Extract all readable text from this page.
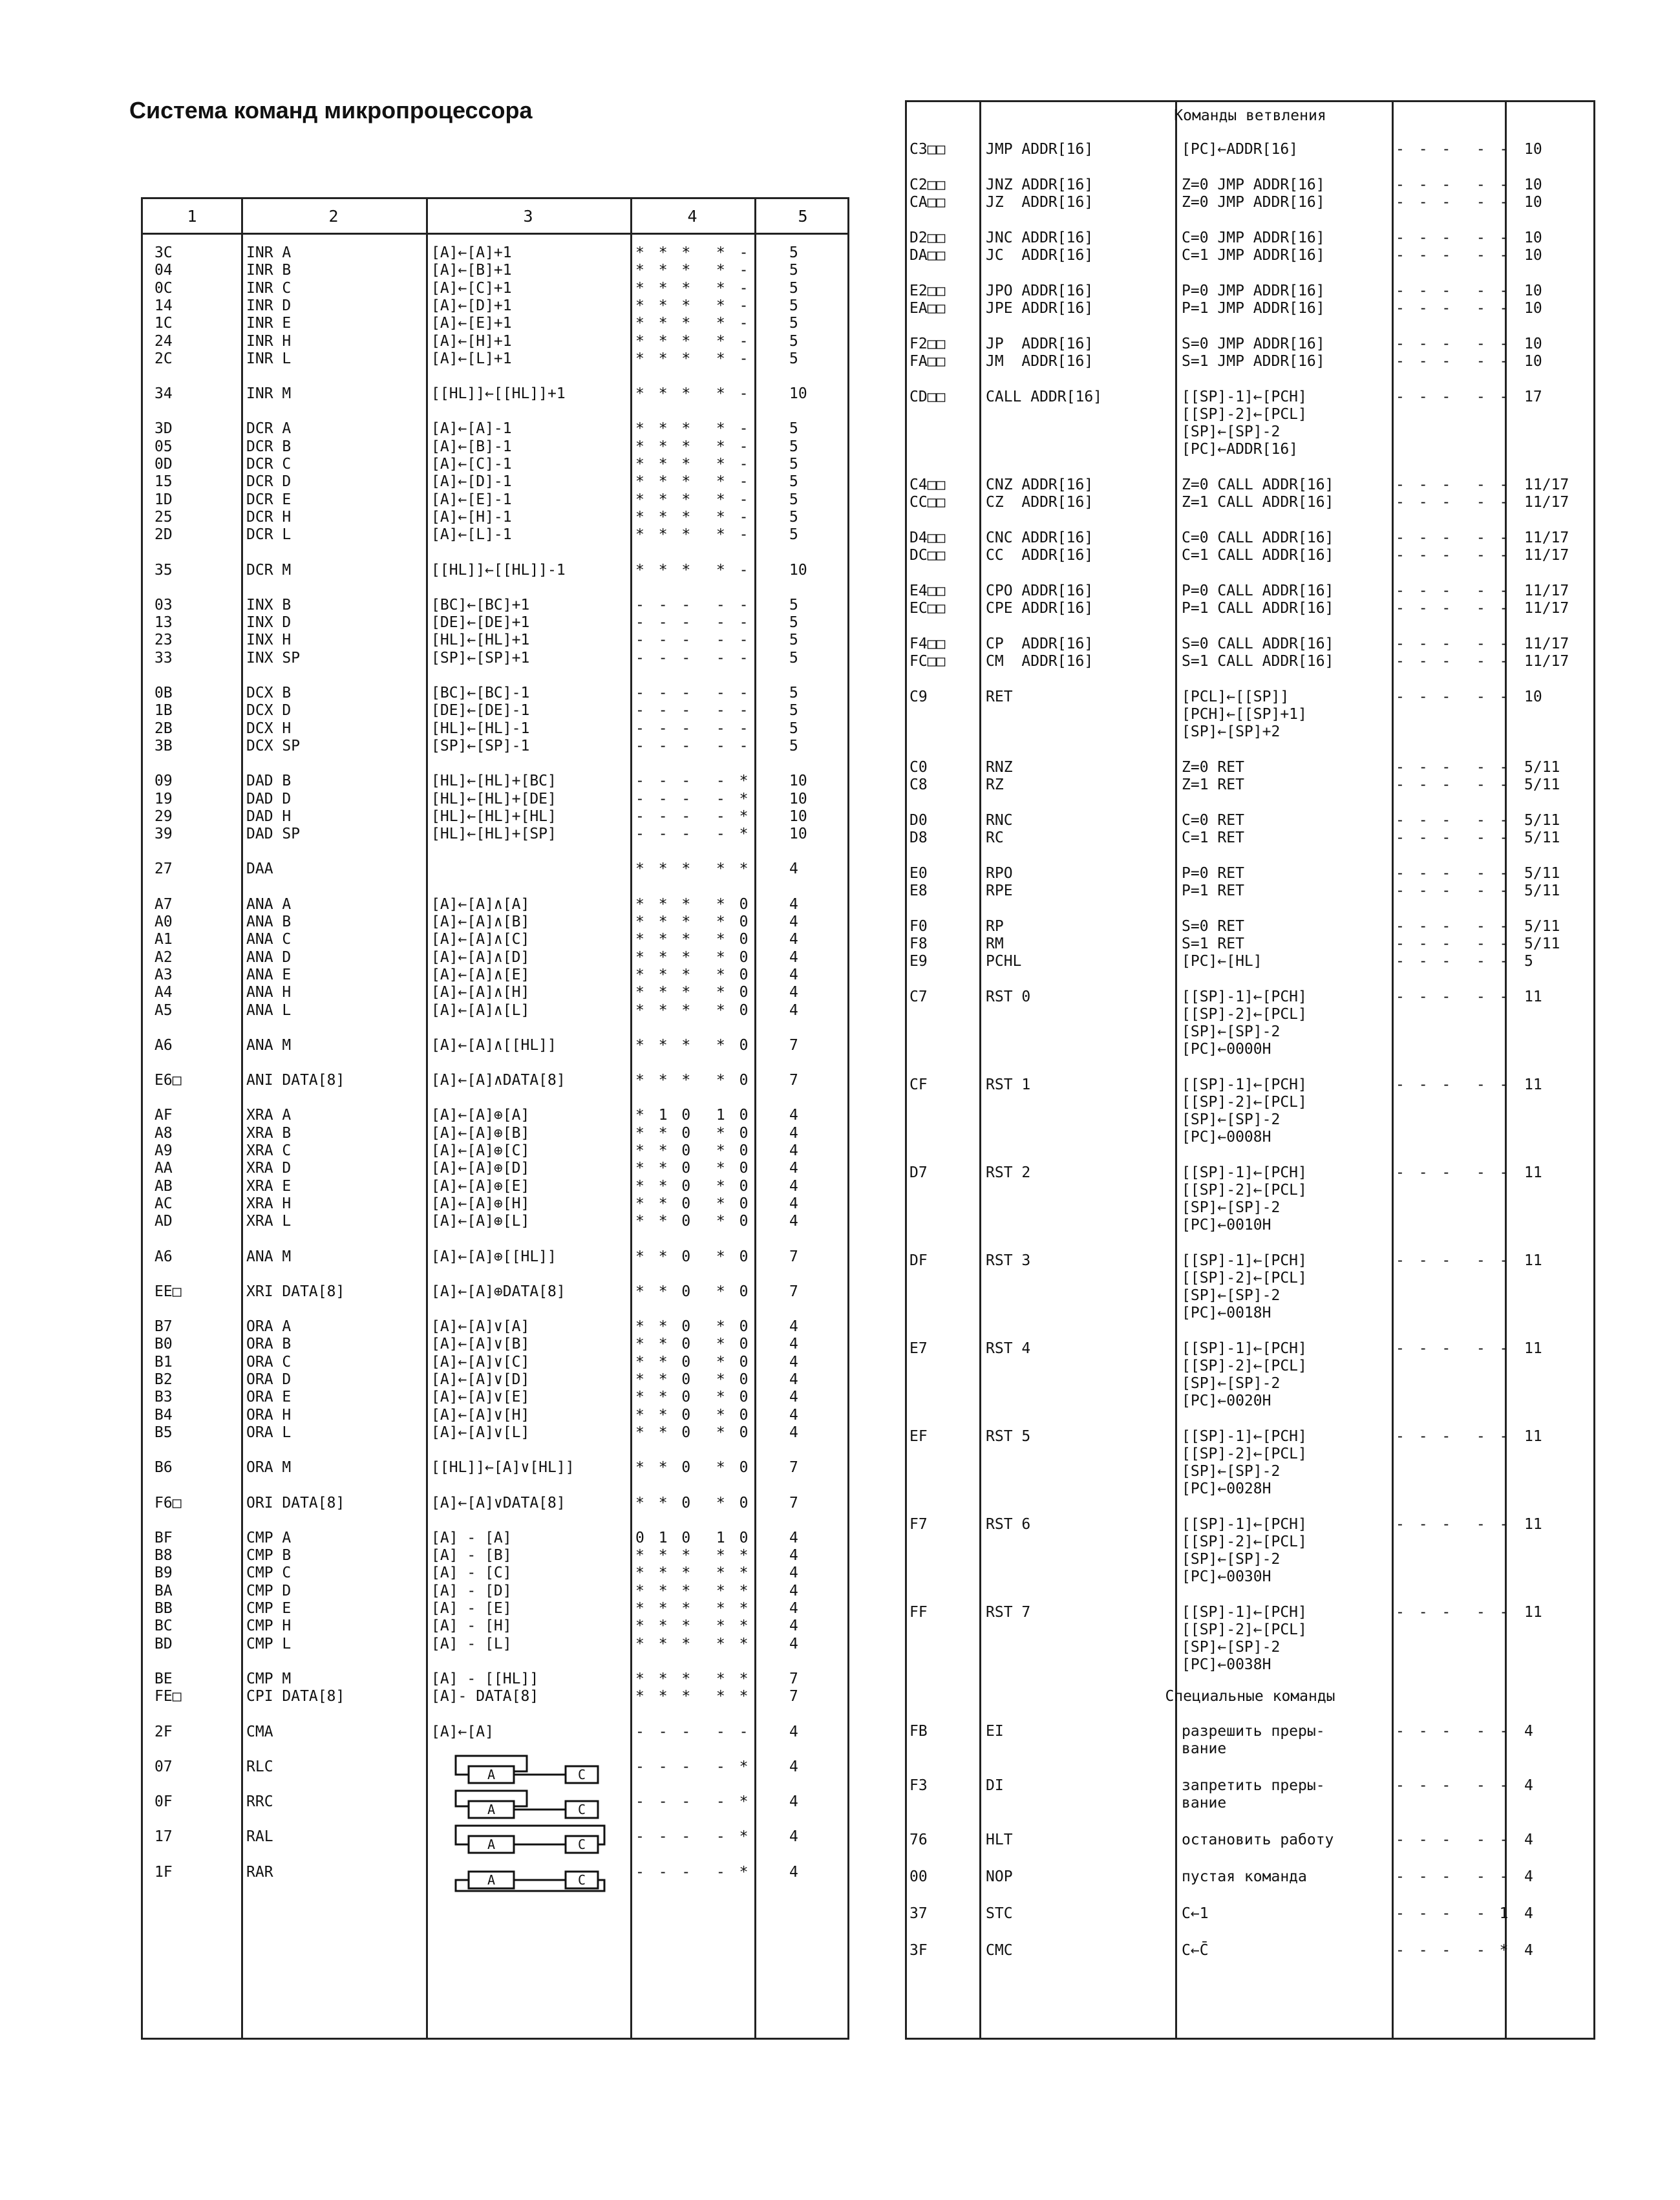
Система команд микропроцессора
1	2	3	4	5
3C	INR A	[A]←[A]+1	* * *  * -	5
04	INR B	[A]←[B]+1	* * *  * -	5
0C	INR C	[A]←[C]+1	* * *  * -	5
14	INR D	[A]←[D]+1	* * *  * -	5
1C	INR E	[A]←[E]+1	* * *  * -	5
24	INR H	[A]←[H]+1	* * *  * -	5
2C	INR L	[A]←[L]+1	* * *  * -	5
34	INR M	[[HL]]←[[HL]]+1	* * *  * -	10
3D	DCR A	[A]←[A]-1	* * *  * -	5
05	DCR B	[A]←[B]-1	* * *  * -	5
0D	DCR C	[A]←[C]-1	* * *  * -	5
15	DCR D	[A]←[D]-1	* * *  * -	5
1D	DCR E	[A]←[E]-1	* * *  * -	5
25	DCR H	[A]←[H]-1	* * *  * -	5
2D	DCR L	[A]←[L]-1	* * *  * -	5
35	DCR M	[[HL]]←[[HL]]-1	* * *  * -	10
03	INX B	[BC]←[BC]+1	- - -  - -	5
13	INX D	[DE]←[DE]+1	- - -  - -	5
23	INX H	[HL]←[HL]+1	- - -  - -	5
33	INX SP	[SP]←[SP]+1	- - -  - -	5
0B	DCX B	[BC]←[BC]-1	- - -  - -	5
1B	DCX D	[DE]←[DE]-1	- - -  - -	5
2B	DCX H	[HL]←[HL]-1	- - -  - -	5
3B	DCX SP	[SP]←[SP]-1	- - -  - -	5
09	DAD B	[HL]←[HL]+[BC]	- - -  - *	10
19	DAD D	[HL]←[HL]+[DE]	- - -  - *	10
29	DAD H	[HL]←[HL]+[HL]	- - -  - *	10
39	DAD SP	[HL]←[HL]+[SP]	- - -  - *	10
27	DAA	* * *  * *	4
A7	ANA A	[A]←[A]∧[A]	* * *  * 0	4
A0	ANA B	[A]←[A]∧[B]	* * *  * 0	4
A1	ANA C	[A]←[A]∧[C]	* * *  * 0	4
A2	ANA D	[A]←[A]∧[D]	* * *  * 0	4
A3	ANA E	[A]←[A]∧[E]	* * *  * 0	4
A4	ANA H	[A]←[A]∧[H]	* * *  * 0	4
A5	ANA L	[A]←[A]∧[L]	* * *  * 0	4
A6	ANA M	[A]←[A]∧[[HL]]	* * *  * 0	7
E6□	ANI DATA[8]	[A]←[A]∧DATA[8]	* * *  * 0	7
AF	XRA A	[A]←[A]⊕[A]	* 1 0  1 0	4
A8	XRA B	[A]←[A]⊕[B]	* * 0  * 0	4
A9	XRA C	[A]←[A]⊕[C]	* * 0  * 0	4
AA	XRA D	[A]←[A]⊕[D]	* * 0  * 0	4
AB	XRA E	[A]←[A]⊕[E]	* * 0  * 0	4
AC	XRA H	[A]←[A]⊕[H]	* * 0  * 0	4
AD	XRA L	[A]←[A]⊕[L]	* * 0  * 0	4
A6	ANA M	[A]←[A]⊕[[HL]]	* * 0  * 0	7
EE□	XRI DATA[8]	[A]←[A]⊕DATA[8]	* * 0  * 0	7
B7	ORA A	[A]←[A]∨[A]	* * 0  * 0	4
B0	ORA B	[A]←[A]∨[B]	* * 0  * 0	4
B1	ORA C	[A]←[A]∨[C]	* * 0  * 0	4
B2	ORA D	[A]←[A]∨[D]	* * 0  * 0	4
B3	ORA E	[A]←[A]∨[E]	* * 0  * 0	4
B4	ORA H	[A]←[A]∨[H]	* * 0  * 0	4
B5	ORA L	[A]←[A]∨[L]	* * 0  * 0	4
B6	ORA M	[[HL]]←[A]∨[HL]]	* * 0  * 0	7
F6□	ORI DATA[8]	[A]←[A]∨DATA[8]	* * 0  * 0	7
BF	CMP A	[A] - [A]	0 1 0  1 0	4
B8	CMP B	[A] - [B]	* * *  * *	4
B9	CMP C	[A] - [C]	* * *  * *	4
BA	CMP D	[A] - [D]	* * *  * *	4
BB	CMP E	[A] - [E]	* * *  * *	4
BC	CMP H	[A] - [H]	* * *  * *	4
BD	CMP L	[A] - [L]	* * *  * *	4
BE	CMP M	[A] - [[HL]]	* * *  * *	7
FE□	CPI DATA[8]	[A]- DATA[8]	* * *  * *	7
2F	CMA	[A]←[A]	- - -  - -	4
07	RLC	- - -  - *	4
A	C
0F	RRC	- - -  - *	4
A	C
17	RAL	- - -  - *	4
A	C
1F	RAR	- - -  - *	4
A	C
Команды ветвления
C3□□	JMP ADDR[16]	[PC]←ADDR[16]	- - -  - - 10
C2□□	JNZ ADDR[16]	Z=0 JMP ADDR[16]	- - -  - - 10
CA□□	JZ  ADDR[16]	Z=0 JMP ADDR[16]	- - -  - - 10
D2□□	JNC ADDR[16]	C=0 JMP ADDR[16]	- - -  - - 10
DA□□	JC  ADDR[16]	C=1 JMP ADDR[16]	- - -  - - 10
E2□□	JPO ADDR[16]	P=0 JMP ADDR[16]	- - -  - - 10
EA□□	JPE ADDR[16]	P=1 JMP ADDR[16]	- - -  - - 10
F2□□	JP  ADDR[16]	S=0 JMP ADDR[16]	- - -  - - 10
FA□□	JM  ADDR[16]	S=1 JMP ADDR[16]	- - -  - - 10
CD□□	CALL ADDR[16]	[[SP]-1]←[PCH]
[[SP]-2]←[PCL]
[SP]←[SP]-2
[PC]←ADDR[16]
- - -  - - 17
C4□□	CNZ ADDR[16]	Z=0 CALL ADDR[16]	- - -  - - 11/17
CC□□	CZ  ADDR[16]	Z=1 CALL ADDR[16]	- - -  - - 11/17
D4□□	CNC ADDR[16]	C=0 CALL ADDR[16]	- - -  - - 11/17
DC□□	CC  ADDR[16]	C=1 CALL ADDR[16]	- - -  - - 11/17
E4□□	CPO ADDR[16]	P=0 CALL ADDR[16]	- - -  - - 11/17
EC□□	CPE ADDR[16]	P=1 CALL ADDR[16]	- - -  - - 11/17
F4□□	CP  ADDR[16]	S=0 CALL ADDR[16]	- - -  - - 11/17
FC□□	CM  ADDR[16]	S=1 CALL ADDR[16]	- - -  - - 11/17
C9	RET	[PCL]←[[SP]]
[PCH]←[[SP]+1]
[SP]←[SP]+2
- - -  - - 10
C0	RNZ	Z=0 RET	- - -  - - 5/11
C8	RZ	Z=1 RET	- - -  - - 5/11
D0	RNC	C=0 RET	- - -  - - 5/11
D8	RC	C=1 RET	- - -  - - 5/11
E0	RPO	P=0 RET	- - -  - - 5/11
E8	RPE	P=1 RET	- - -  - - 5/11
F0	RP	S=0 RET	- - -  - - 5/11
F8	RM	S=1 RET	- - -  - - 5/11
E9	PCHL	[PC]←[HL]	- - -  - - 5
C7	RST 0	[[SP]-1]←[PCH]
[[SP]-2]←[PCL]
[SP]←[SP]-2
[PC]←0000H
- - -  - - 11
CF	RST 1	[[SP]-1]←[PCH]
[[SP]-2]←[PCL]
[SP]←[SP]-2
[PC]←0008H
- - -  - - 11
D7	RST 2	[[SP]-1]←[PCH]
[[SP]-2]←[PCL]
[SP]←[SP]-2
[PC]←0010H
- - -  - - 11
DF	RST 3	[[SP]-1]←[PCH]
[[SP]-2]←[PCL]
[SP]←[SP]-2
[PC]←0018H
- - -  - - 11
E7	RST 4	[[SP]-1]←[PCH]
[[SP]-2]←[PCL]
[SP]←[SP]-2
[PC]←0020H
- - -  - - 11
EF	RST 5	[[SP]-1]←[PCH]
[[SP]-2]←[PCL]
[SP]←[SP]-2
[PC]←0028H
- - -  - - 11
F7	RST 6	[[SP]-1]←[PCH]
[[SP]-2]←[PCL]
[SP]←[SP]-2
[PC]←0030H
- - -  - - 11
FF	RST 7	[[SP]-1]←[PCH]
[[SP]-2]←[PCL]
[SP]←[SP]-2
[PC]←0038H
- - -  - - 11
Специальные команды
FB	EI	разрешить преры-
вание
- - -  - - 4
F3	DI	запретить преры-
вание
- - -  - - 4
76	HLT	остановить работу	- - -  - - 4
00	NOP	пустая команда	- - -  - - 4
37	STC	C←1	- - -  - 1 4
3F	CMC	C←C̄	- - -  - * 4
